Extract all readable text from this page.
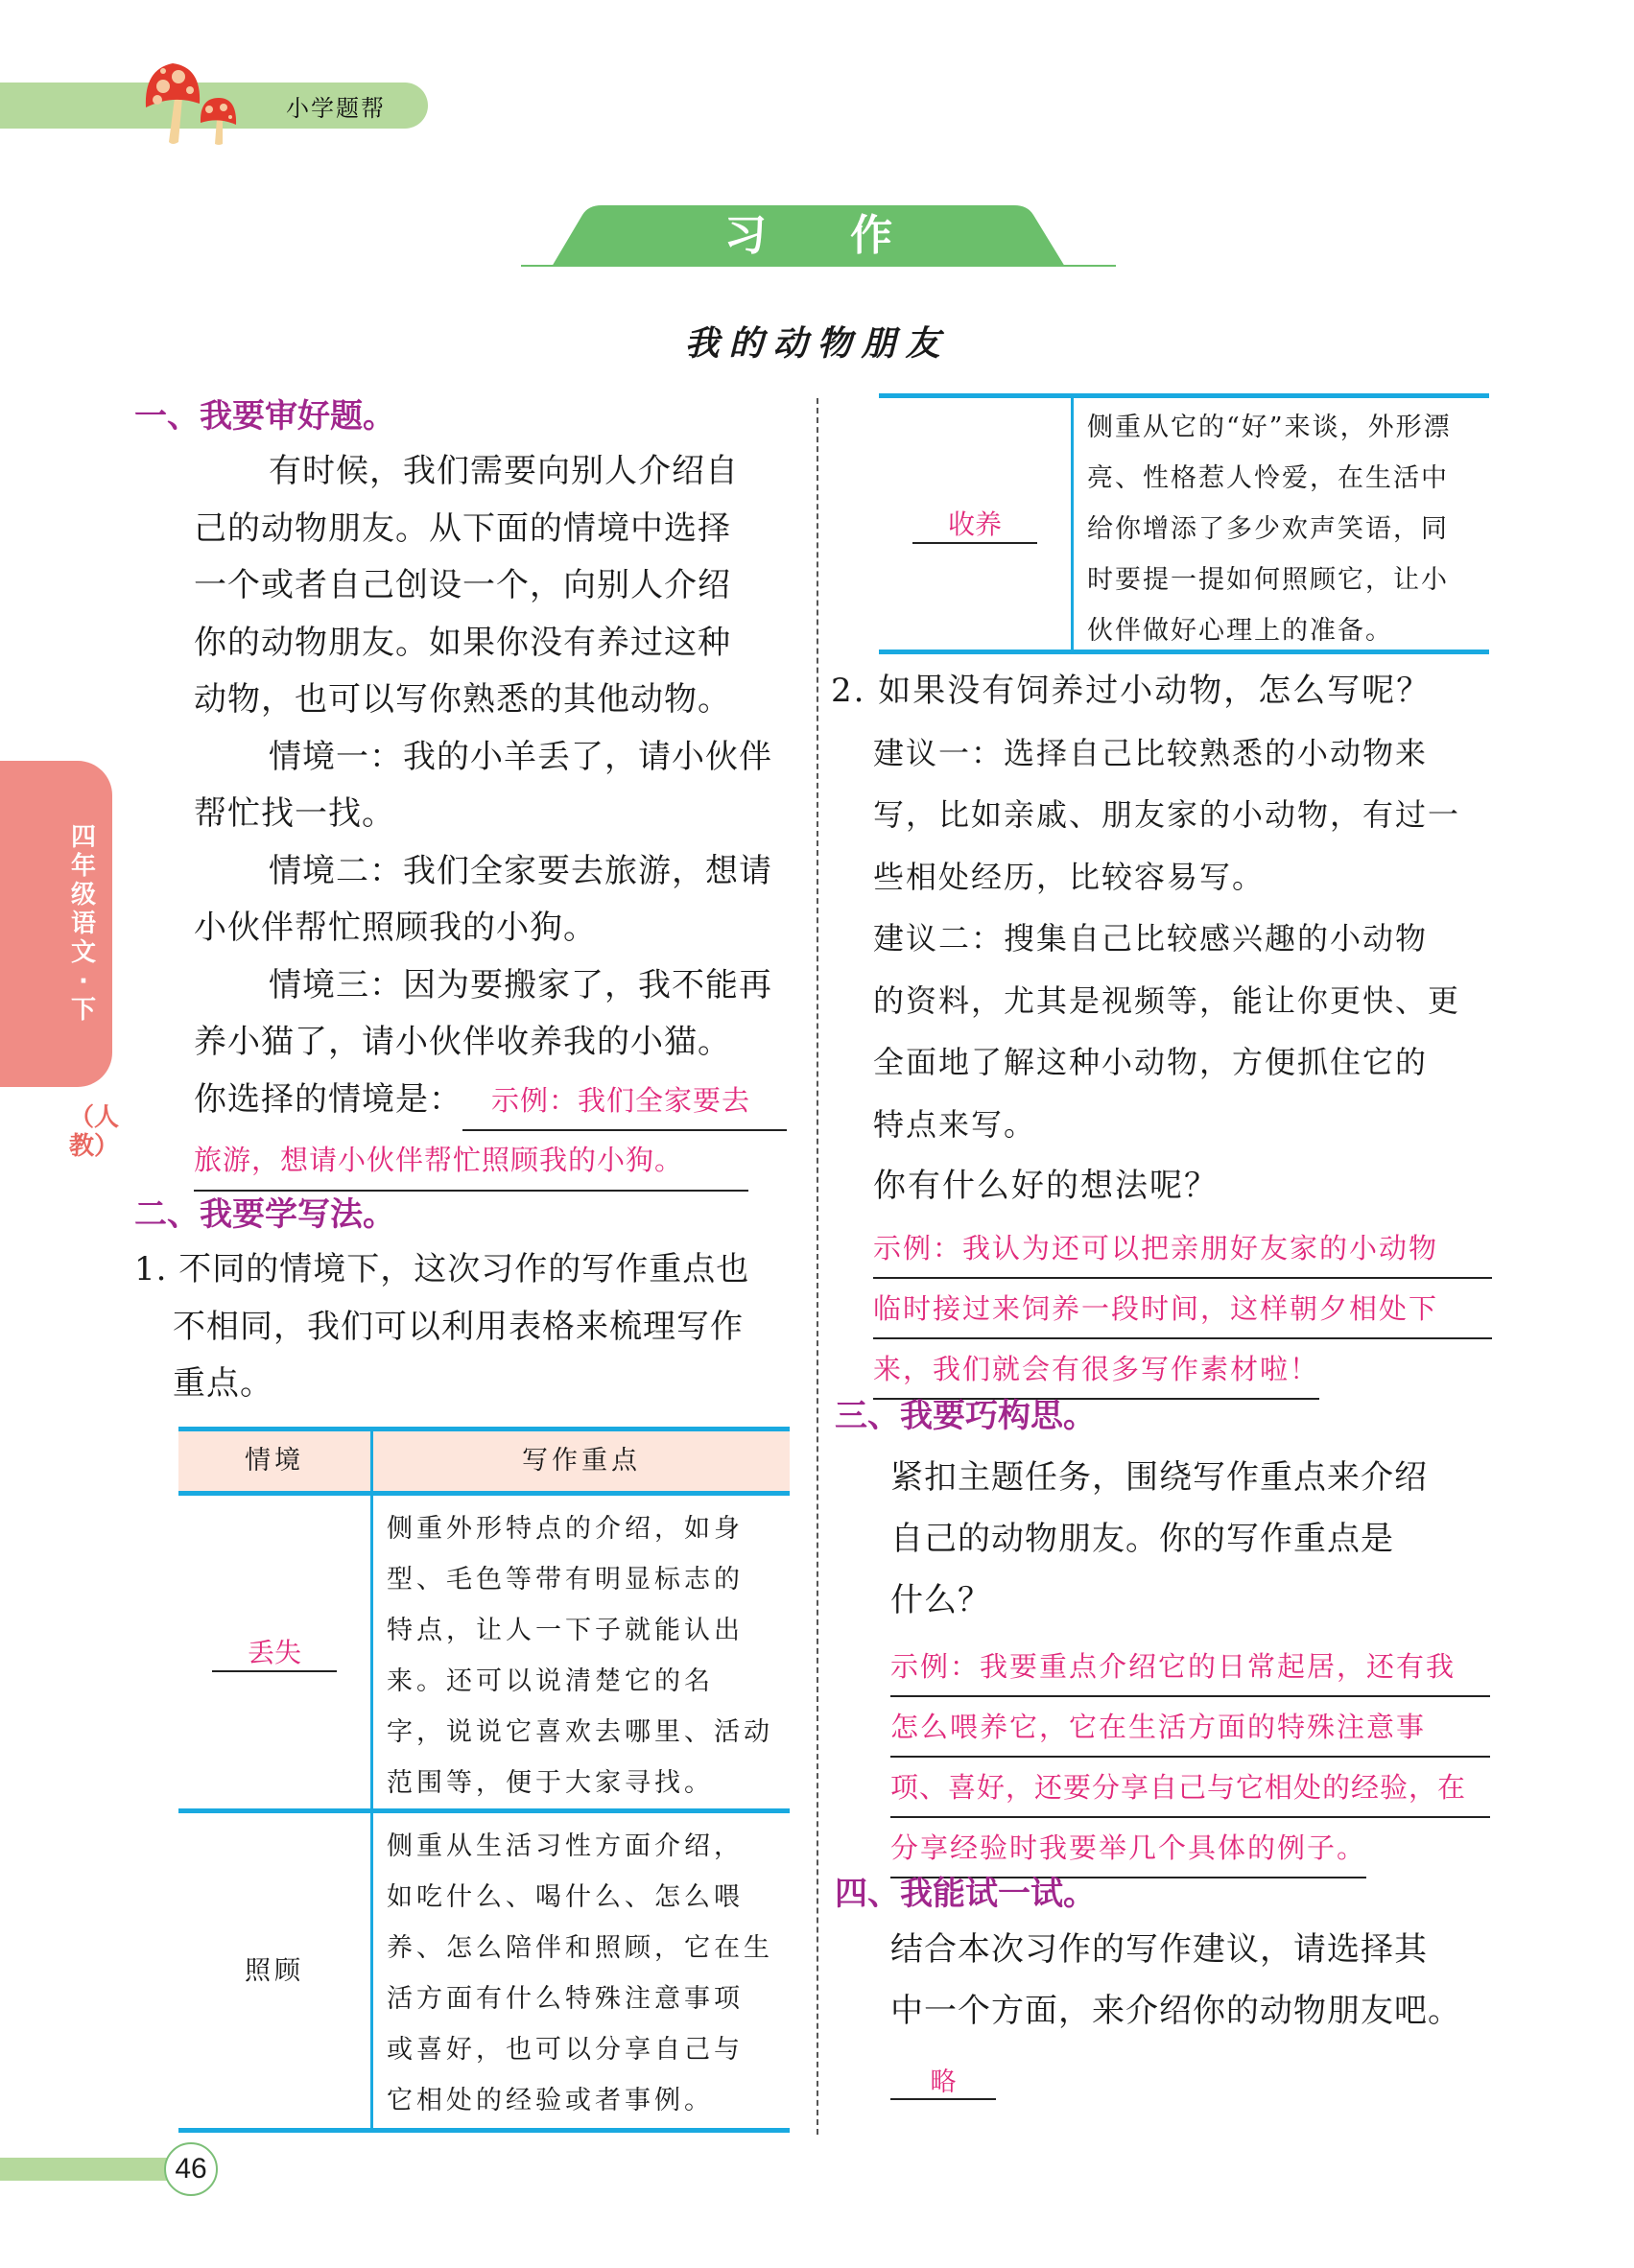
小学题帮
习 作
我的动物朋友
四年级语文·下
（人教）
一、我要审好题。
有时候，我们需要向别人介绍自
己的动物朋友。从下面的情境中选择
一个或者自己创设一个，向别人介绍
你的动物朋友。如果你没有养过这种
动物，也可以写你熟悉的其他动物。
情境一：我的小羊丢了，请小伙伴
帮忙找一找。
情境二：我们全家要去旅游，想请
小伙伴帮忙照顾我的小狗。
情境三：因为要搬家了，我不能再
养小猫了，请小伙伴收养我的小猫。
你选择的情境是：	示例：我们全家要去
旅游，想请小伙伴帮忙照顾我的小狗。
二、我要学写法。
1. 不同的情境下，这次习作的写作重点也
不相同，我们可以利用表格来梳理写作
重点。
情境	写作重点
丢失
侧重外形特点的介绍，如身
型、毛色等带有明显标志的
特点，让人一下子就能认出
来。还可以说清楚它的名
字，说说它喜欢去哪里、活动
范围等，便于大家寻找。
照顾
侧重从生活习性方面介绍，
如吃什么、喝什么、怎么喂
养、怎么陪伴和照顾，它在生
活方面有什么特殊注意事项
或喜好，也可以分享自己与
它相处的经验或者事例。
收养
侧重从它的“好”来谈，外形漂
亮、性格惹人怜爱，在生活中
给你增添了多少欢声笑语，同
时要提一提如何照顾它，让小
伙伴做好心理上的准备。
2. 如果没有饲养过小动物，怎么写呢？
建议一：选择自己比较熟悉的小动物来
写，比如亲戚、朋友家的小动物，有过一
些相处经历，比较容易写。
建议二：搜集自己比较感兴趣的小动物
的资料，尤其是视频等，能让你更快、更
全面地了解这种小动物，方便抓住它的
特点来写。
你有什么好的想法呢？
示例：我认为还可以把亲朋好友家的小动物
临时接过来饲养一段时间，这样朝夕相处下
来，我们就会有很多写作素材啦！
三、我要巧构思。
紧扣主题任务，围绕写作重点来介绍
自己的动物朋友。你的写作重点是
什么？
示例：我要重点介绍它的日常起居，还有我
怎么喂养它，它在生活方面的特殊注意事
项、喜好，还要分享自己与它相处的经验，在
分享经验时我要举几个具体的例子。
四、我能试一试。
结合本次习作的写作建议，请选择其
中一个方面，来介绍你的动物朋友吧。
略
46
